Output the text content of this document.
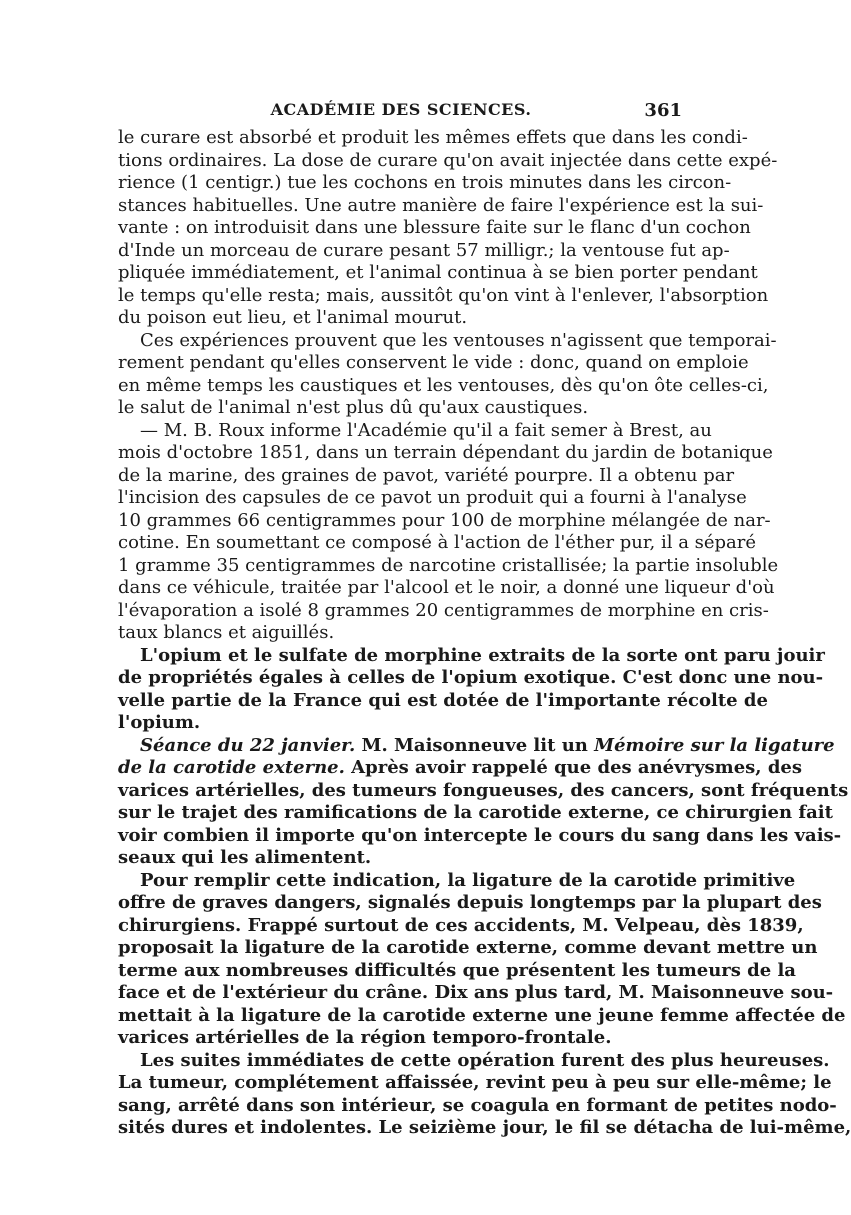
ACADÉMIE DES SCIENCES.	361
le curare est absorbé et produit les mêmes effets que dans les condi-
tions ordinaires. La dose de curare qu'on avait injectée dans cette expé-
rience (1 centigr.) tue les cochons en trois minutes dans les circon-
stances habituelles. Une autre manière de faire l'expérience est la sui-
vante : on introduisit dans une blessure faite sur le flanc d'un cochon
d'Inde un morceau de curare pesant 57 milligr.; la ventouse fut ap-
pliquée immédiatement, et l'animal continua à se bien porter pendant
le temps qu'elle resta; mais, aussitôt qu'on vint à l'enlever, l'absorption
du poison eut lieu, et l'animal mourut.
Ces expériences prouvent que les ventouses n'agissent que temporai-
rement pendant qu'elles conservent le vide : donc, quand on emploie
en même temps les caustiques et les ventouses, dès qu'on ôte celles-ci,
le salut de l'animal n'est plus dû qu'aux caustiques.
— M. B. Roux informe l'Académie qu'il a fait semer à Brest, au
mois d'octobre 1851, dans un terrain dépendant du jardin de botanique
de la marine, des graines de pavot, variété pourpre. Il a obtenu par
l'incision des capsules de ce pavot un produit qui a fourni à l'analyse
10 grammes 66 centigrammes pour 100 de morphine mélangée de nar-
cotine. En soumettant ce composé à l'action de l'éther pur, il a séparé
1 gramme 35 centigrammes de narcotine cristallisée; la partie insoluble
dans ce véhicule, traitée par l'alcool et le noir, a donné une liqueur d'où
l'évaporation a isolé 8 grammes 20 centigrammes de morphine en cris-
taux blancs et aiguillés.
L'opium et le sulfate de morphine extraits de la sorte ont paru jouir
de propriétés égales à celles de l'opium exotique. C'est donc une nou-
velle partie de la France qui est dotée de l'importante récolte de
l'opium.
Séance du 22 janvier. M. Maisonneuve lit un Mémoire sur la ligature
de la carotide externe. Après avoir rappelé que des anévrysmes, des
varices artérielles, des tumeurs fongueuses, des cancers, sont fréquents
sur le trajet des ramifications de la carotide externe, ce chirurgien fait
voir combien il importe qu'on intercepte le cours du sang dans les vais-
seaux qui les alimentent.
Pour remplir cette indication, la ligature de la carotide primitive
offre de graves dangers, signalés depuis longtemps par la plupart des
chirurgiens. Frappé surtout de ces accidents, M. Velpeau, dès 1839,
proposait la ligature de la carotide externe, comme devant mettre un
terme aux nombreuses difficultés que présentent les tumeurs de la
face et de l'extérieur du crâne. Dix ans plus tard, M. Maisonneuve sou-
mettait à la ligature de la carotide externe une jeune femme affectée de
varices artérielles de la région temporo-frontale.
Les suites immédiates de cette opération furent des plus heureuses.
La tumeur, complétement affaissée, revint peu à peu sur elle-même; le
sang, arrêté dans son intérieur, se coagula en formant de petites nodo-
sités dures et indolentes. Le seizième jour, le fil se détacha de lui-même,
